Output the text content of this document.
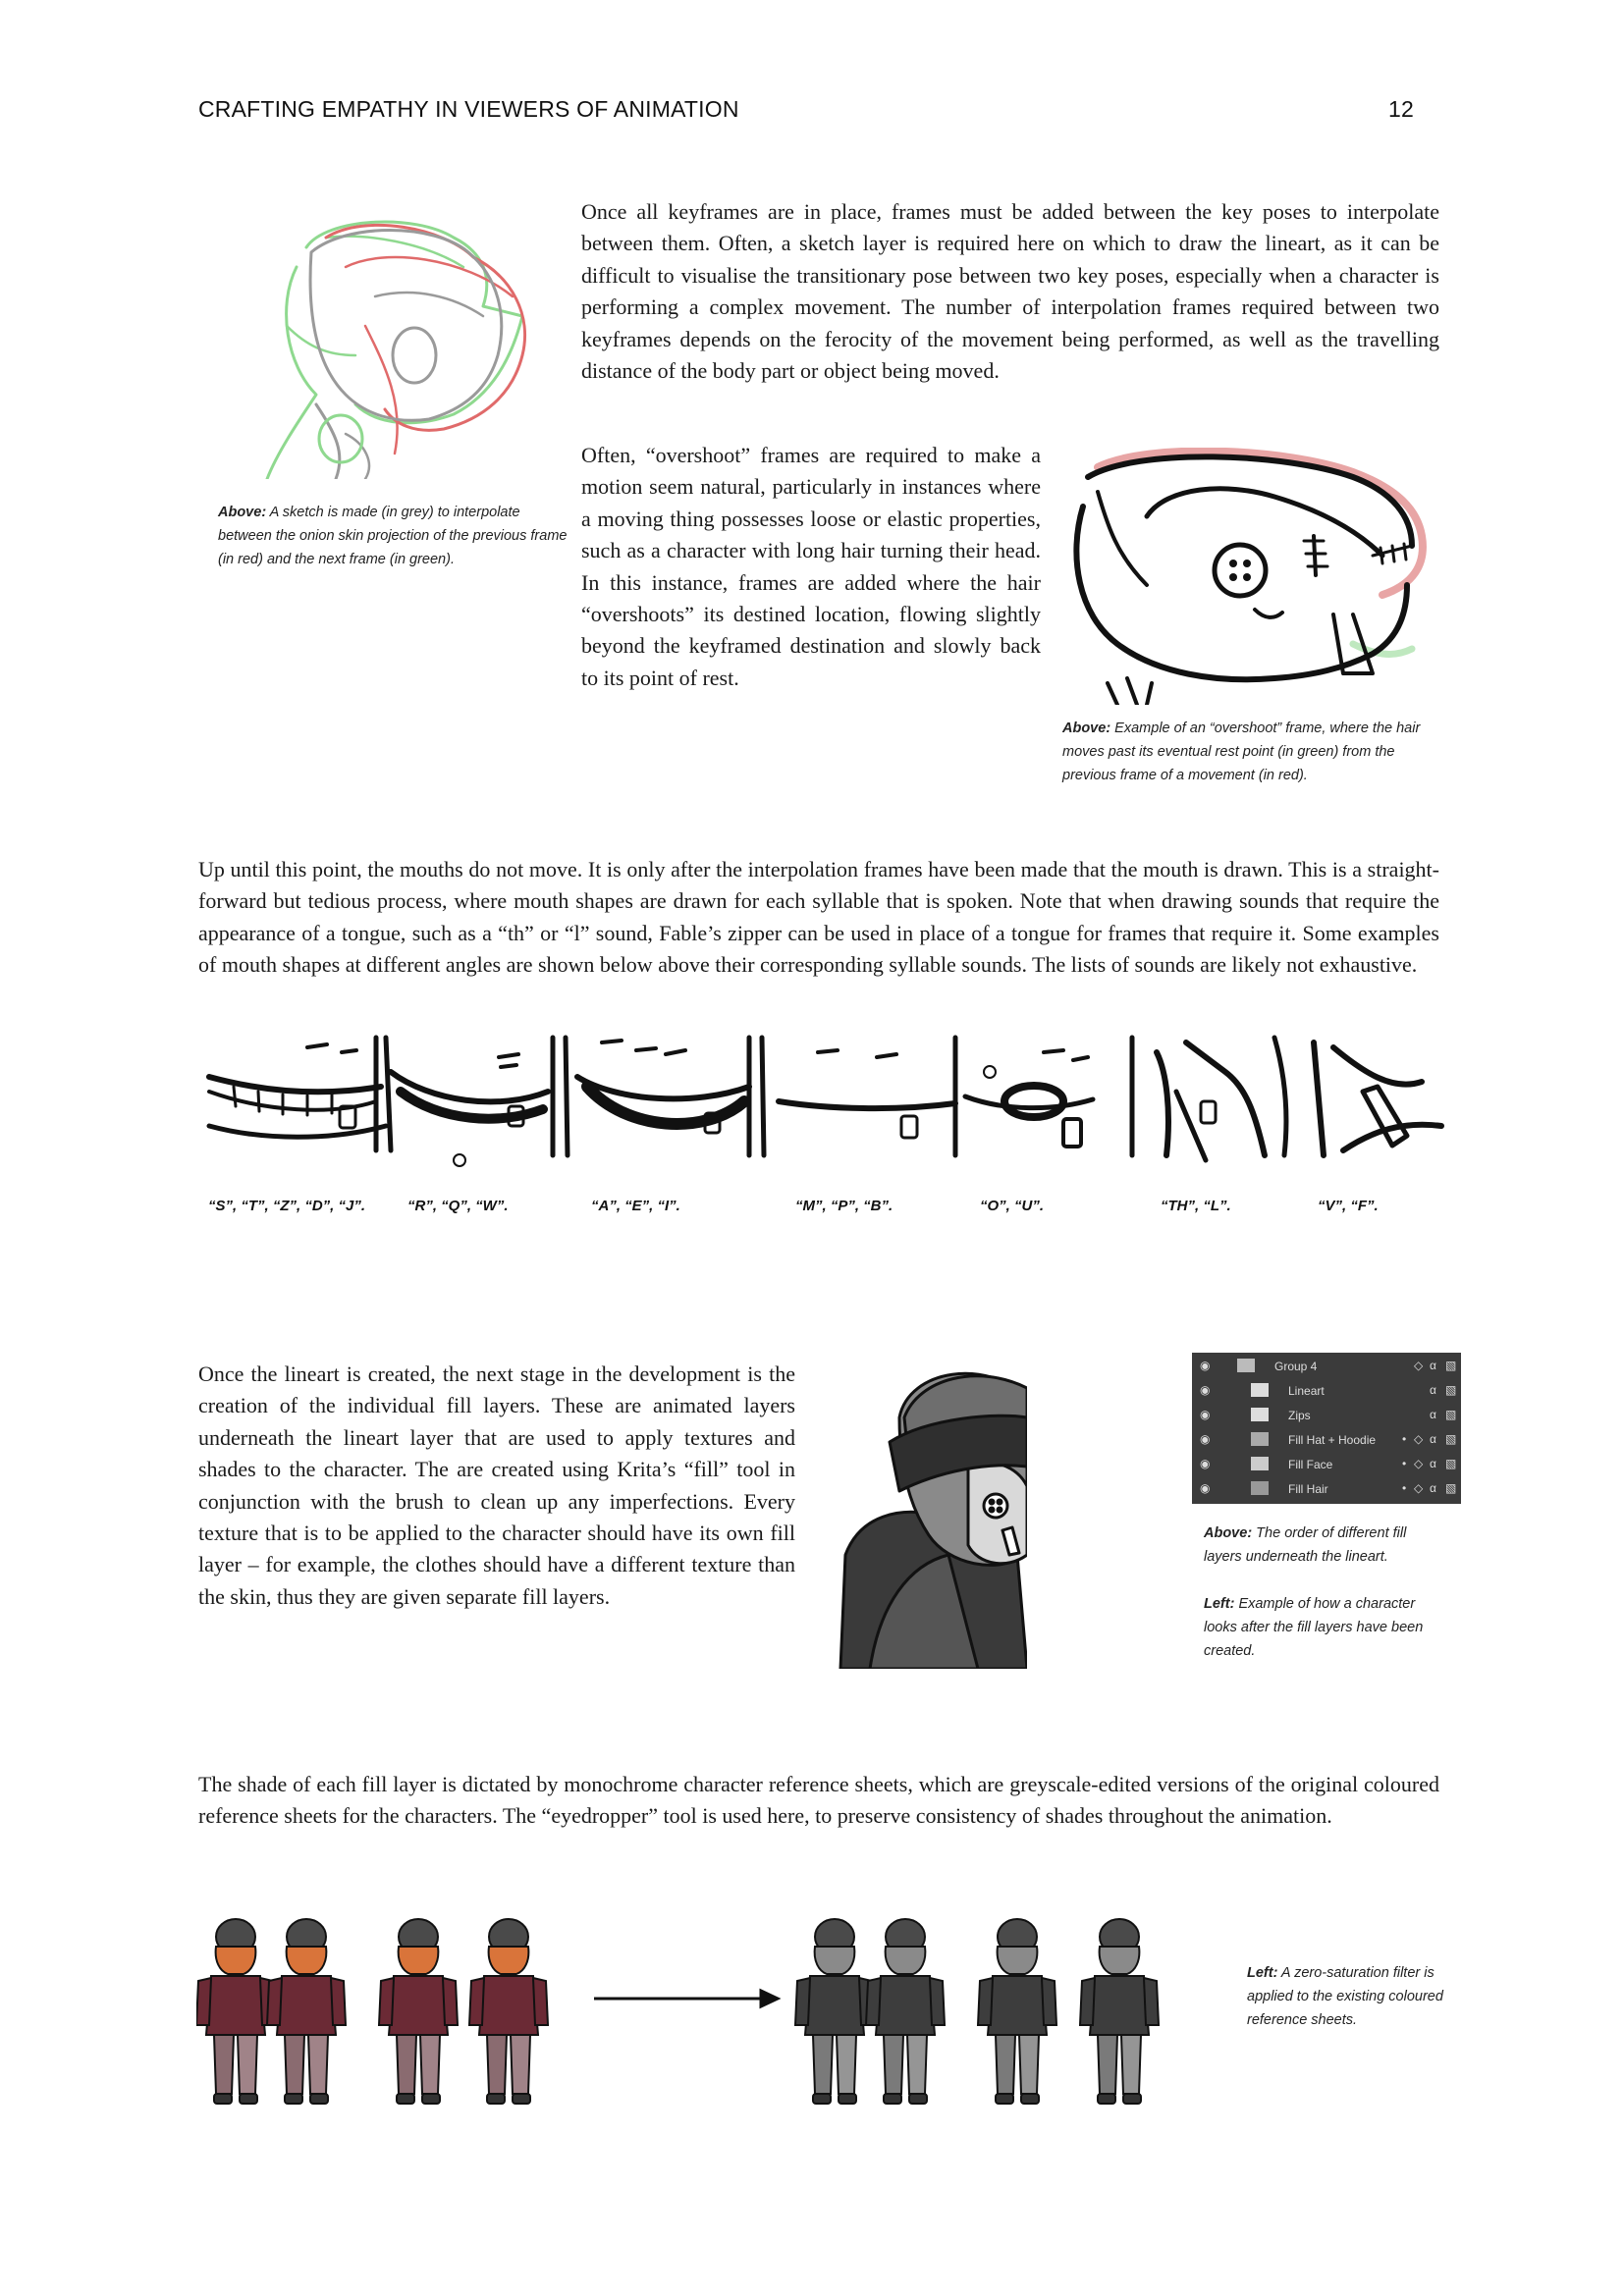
CRAFTING EMPATHY IN VIEWERS OF ANIMATION	12
Above: A sketch is made (in grey) to interpolate between the onion skin projection of the previous frame (in red) and the next frame (in green).

Once all keyframes are in place, frames must be added between the key poses to interpolate between them. Often, a sketch layer is required here on which to draw the lineart, as it can be difficult to visualise the transitionary pose between two key poses, especially when a character is performing a complex movement. The number of interpolation frames required between two keyframes depends on the ferocity of the movement being performed, as well as the travelling distance of the body part or object being moved.

Often, “overshoot” frames are required to make a motion seem natural, particularly in instances where a moving thing possesses loose or elastic properties, such as a character with long hair turning their head. In this instance, frames are added where the hair “overshoots” its destined location, flowing slightly beyond the keyframed destination and slowly back to its point of rest.

Above: Example of an “overshoot” frame, where the hair moves past its eventual rest point (in green) from the previous frame of a movement (in red).

Up until this point, the mouths do not move. It is only after the interpolation frames have been made that the mouth is drawn. This is a straight-forward but tedious process, where mouth shapes are drawn for each syllable that is spoken. Note that when drawing sounds that require the appearance of a tongue, such as a “th” or “l” sound, Fable’s zipper can be used in place of a tongue for frames that require it. Some examples of mouth shapes at different angles are shown below above their corresponding syllable sounds. The lists of sounds are likely not exhaustive.

“S”, “T”, “Z”, “D”, “J”.	“R”, “Q”, “W”.	“A”, “E”, “I”.	“M”, “P”, “B”.	“O”, “U”.	“TH”, “L”.	“V”, “F”.

Once the lineart is created, the next stage in the development is the creation of the individual fill layers. These are animated layers underneath the lineart layer that are used to apply textures and shades to the character. The are created using Krita’s “fill” tool in conjunction with the brush to clean up any imperfections. Every texture that is to be applied to the character should have its own fill layer – for example, the clothes should have a different texture than the skin, thus they are given separate fill layers.

◉	Group 4	◇ α ▧
◉	Lineart	α ▧
◉	Zips	α ▧
◉	Fill Hat + Hoodie • ◇ α ▧
◉	Fill Face	• ◇ α ▧
◉	Fill Hair	• ◇ α ▧
Above: The order of different fill layers underneath the lineart.
Left: Example of how a character looks after the fill layers have been created.

The shade of each fill layer is dictated by monochrome character reference sheets, which are greyscale-edited versions of the original coloured reference sheets for the characters. The “eyedropper” tool is used here, to preserve consistency of shades throughout the animation.

Left: A zero-saturation filter is applied to the existing coloured reference sheets.
